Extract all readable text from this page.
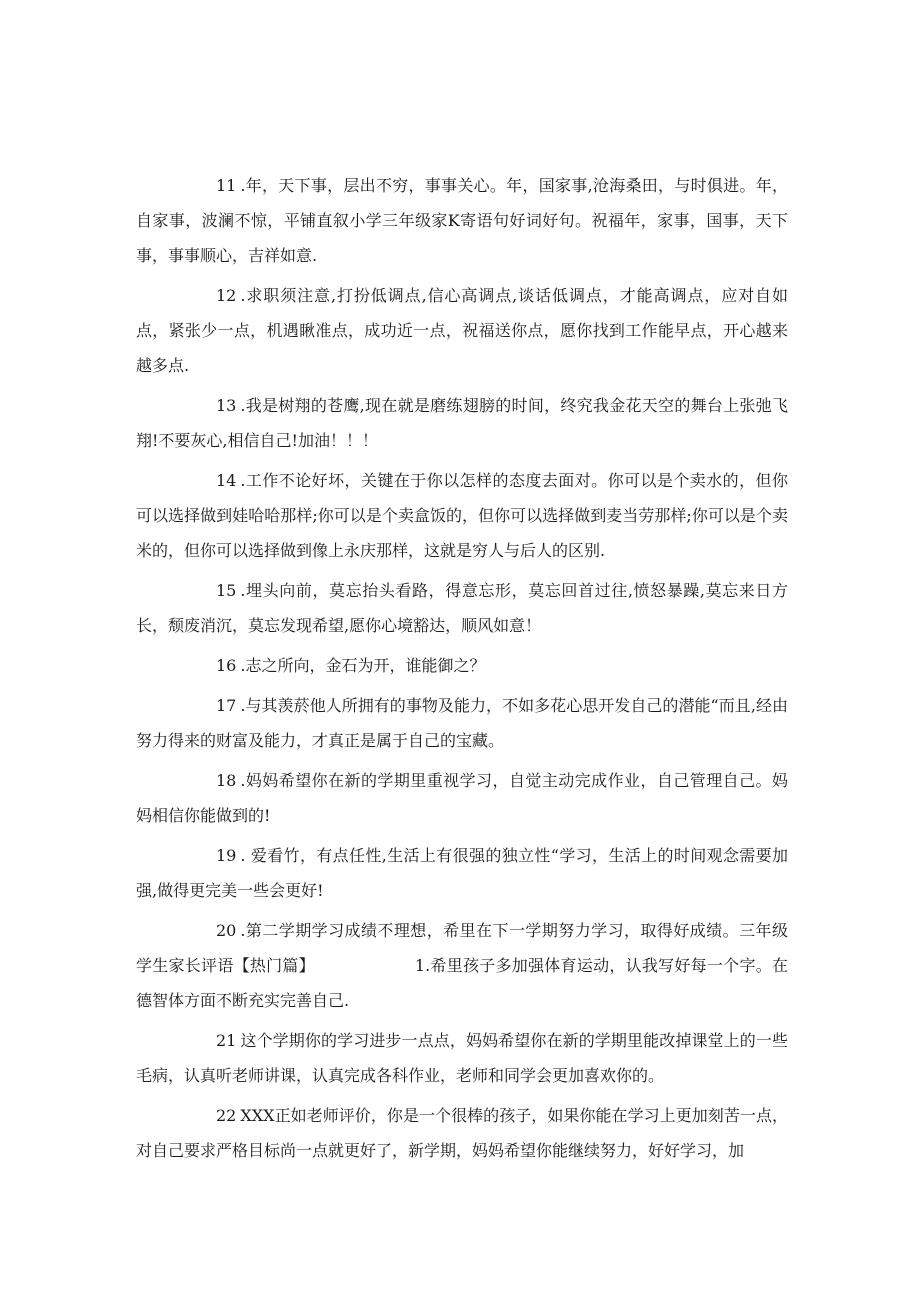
11 .年，天下事，层出不穷，事事关心。年，国家事,沧海桑田，与时俱进。年，自家事，波澜不惊，平铺直叙小学三年级家K寄语句好词好句。祝福年，家事，国事，天下事，事事顺心，吉祥如意.

12 .求职须注意,打扮低调点,信心高调点,谈话低调点，才能高调点，应对自如点，紧张少一点，机遇瞅准点，成功近一点，祝福送你点，愿你找到工作能早点，开心越来越多点.

13 .我是树翔的苍鹰,现在就是磨练翅膀的时间，终究我金花天空的舞台上张弛飞翔!不要灰心,相信自己!加油！！！

14 .工作不论好坏，关键在于你以怎样的态度去面对。你可以是个卖水的，但你可以选择做到娃哈哈那样;你可以是个卖盒饭的，但你可以选择做到麦当劳那样;你可以是个卖米的，但你可以选择做到像上永庆那样，这就是穷人与后人的区别.

15 .埋头向前，莫忘抬头看路，得意忘形，莫忘回首过往,愤怒暴躁,莫忘来日方长，颓废消沉，莫忘发现希望,愿你心境豁达，顺风如意！

16 .志之所向，金石为开，谁能御之？

17 .与其羡菸他人所拥有的事物及能力，不如多花心思开发自己的潜能“而且,经由努力得来的财富及能力，才真正是属于自己的宝藏。

18 .妈妈希望你在新的学期里重视学习，自觉主动完成作业，自己管理自己。妈妈相信你能做到的!

19 . 爱看竹，有点任性,生活上有很强的独立性“学习，生活上的时间观念需要加强,做得更完美一些会更好!

20 .第二学期学习成绩不理想，希里在下一学期努力学习，取得好成绩。三年级学生家长评语【热门篇】	1.希里孩子多加强体育运动，认我写好每一个字。在德智体方面不断充实完善自己.

21 这个学期你的学习进步一点点，妈妈希望你在新的学期里能改掉课堂上的一些毛病，认真听老师讲课，认真完成各科作业，老师和同学会更加喜欢你的。

22 XXX正如老师评价，你是一个很棒的孩子，如果你能在学习上更加刻苦一点，对自己要求严格目标尚一点就更好了，新学期，妈妈希望你能继续努力，好好学习，加
